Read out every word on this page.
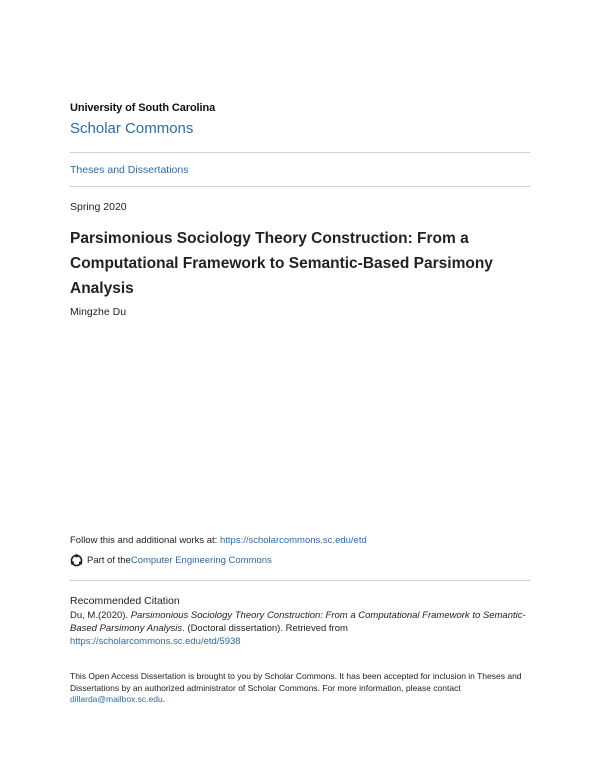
University of South Carolina
Scholar Commons
Theses and Dissertations
Spring 2020
Parsimonious Sociology Theory Construction: From a Computational Framework to Semantic-Based Parsimony Analysis
Mingzhe Du
Follow this and additional works at: https://scholarcommons.sc.edu/etd
Part of the Computer Engineering Commons
Recommended Citation
Du, M.(2020). Parsimonious Sociology Theory Construction: From a Computational Framework to Semantic-Based Parsimony Analysis. (Doctoral dissertation). Retrieved from
https://scholarcommons.sc.edu/etd/5938
This Open Access Dissertation is brought to you by Scholar Commons. It has been accepted for inclusion in Theses and Dissertations by an authorized administrator of Scholar Commons. For more information, please contact dillarda@mailbox.sc.edu.
